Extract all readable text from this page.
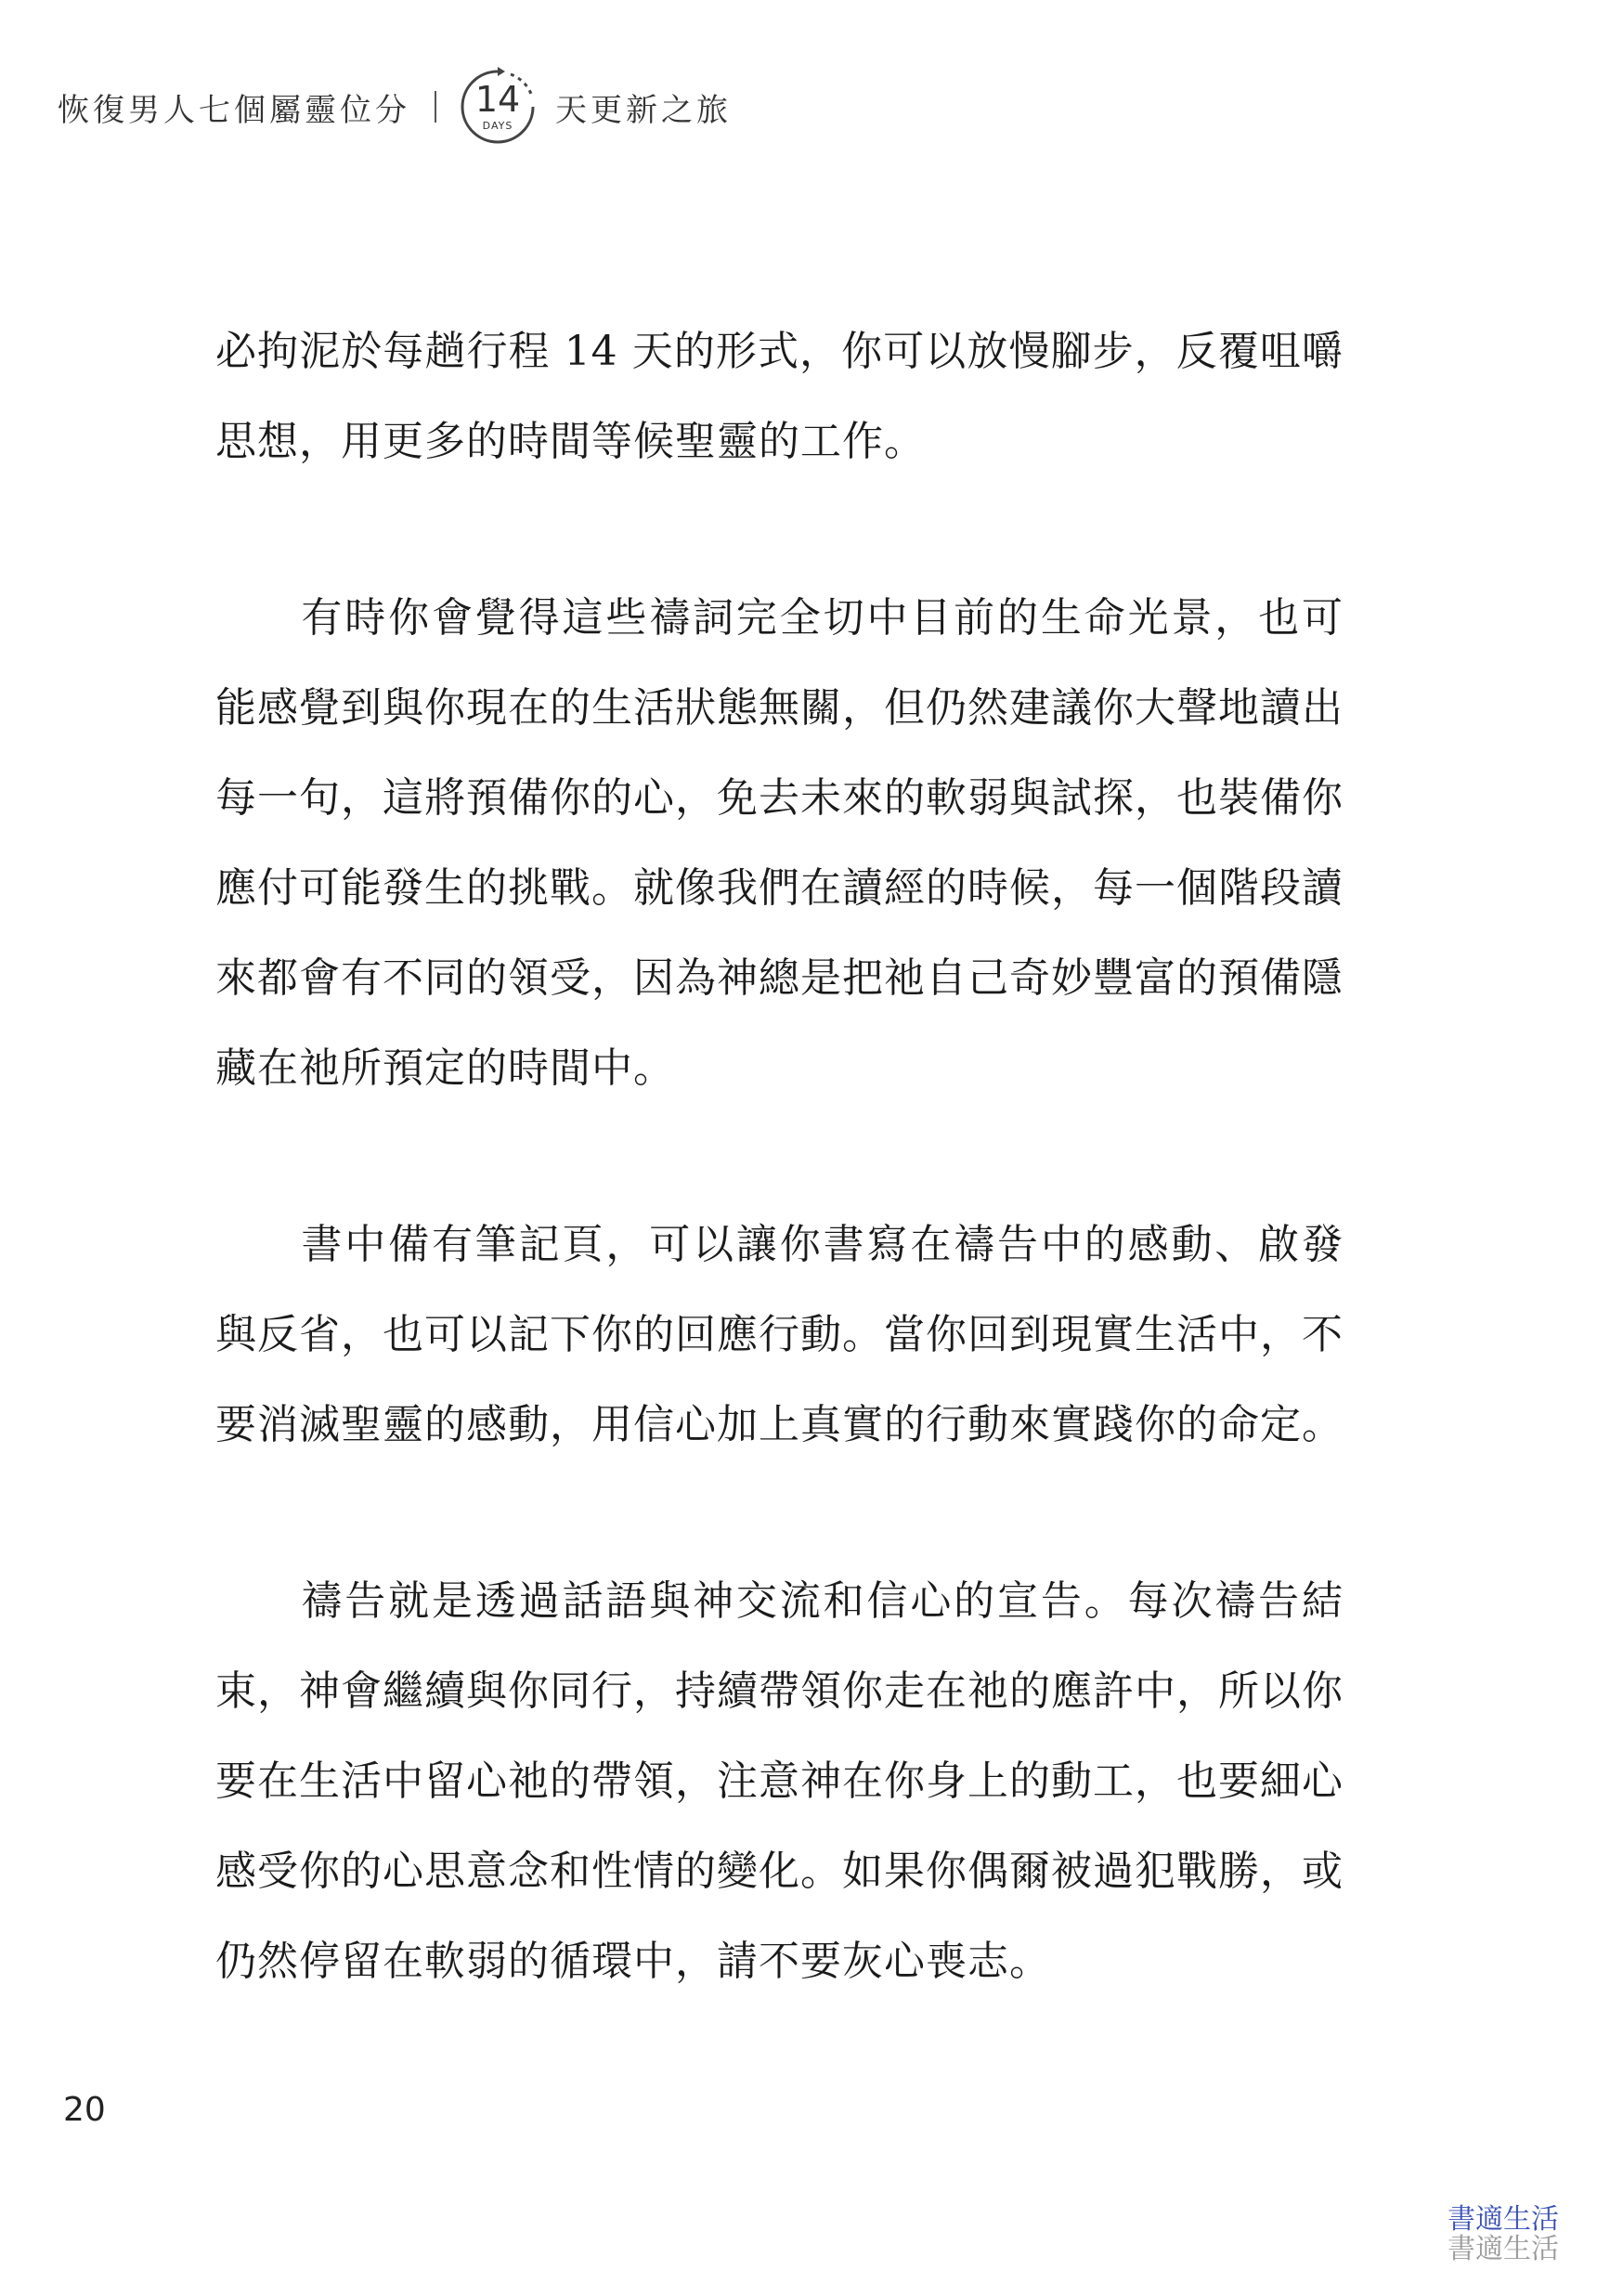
恢復男人七個屬靈位分	14
DAYS	天更新之旅

必拘泥於每趟行程 14 天的形式，你可以放慢腳步，反覆咀嚼思想，用更多的時間等候聖靈的工作。

有時你會覺得這些禱詞完全切中目前的生命光景，也可能感覺到與你現在的生活狀態無關，但仍然建議你大聲地讀出每一句，這將預備你的心，免去未來的軟弱與試探，也裝備你應付可能發生的挑戰。就像我們在讀經的時候，每一個階段讀來都會有不同的領受，因為神總是把祂自己奇妙豐富的預備隱藏在祂所預定的時間中。

書中備有筆記頁，可以讓你書寫在禱告中的感動、啟發與反省，也可以記下你的回應行動。當你回到現實生活中，不要消滅聖靈的感動，用信心加上真實的行動來實踐你的命定。

禱告就是透過話語與神交流和信心的宣告。每次禱告結束，神會繼續與你同行，持續帶領你走在祂的應許中，所以你要在生活中留心祂的帶領，注意神在你身上的動工，也要細心感受你的心思意念和性情的變化。如果你偶爾被過犯戰勝，或仍然停留在軟弱的循環中，請不要灰心喪志。

20
書適生活
書適生活
